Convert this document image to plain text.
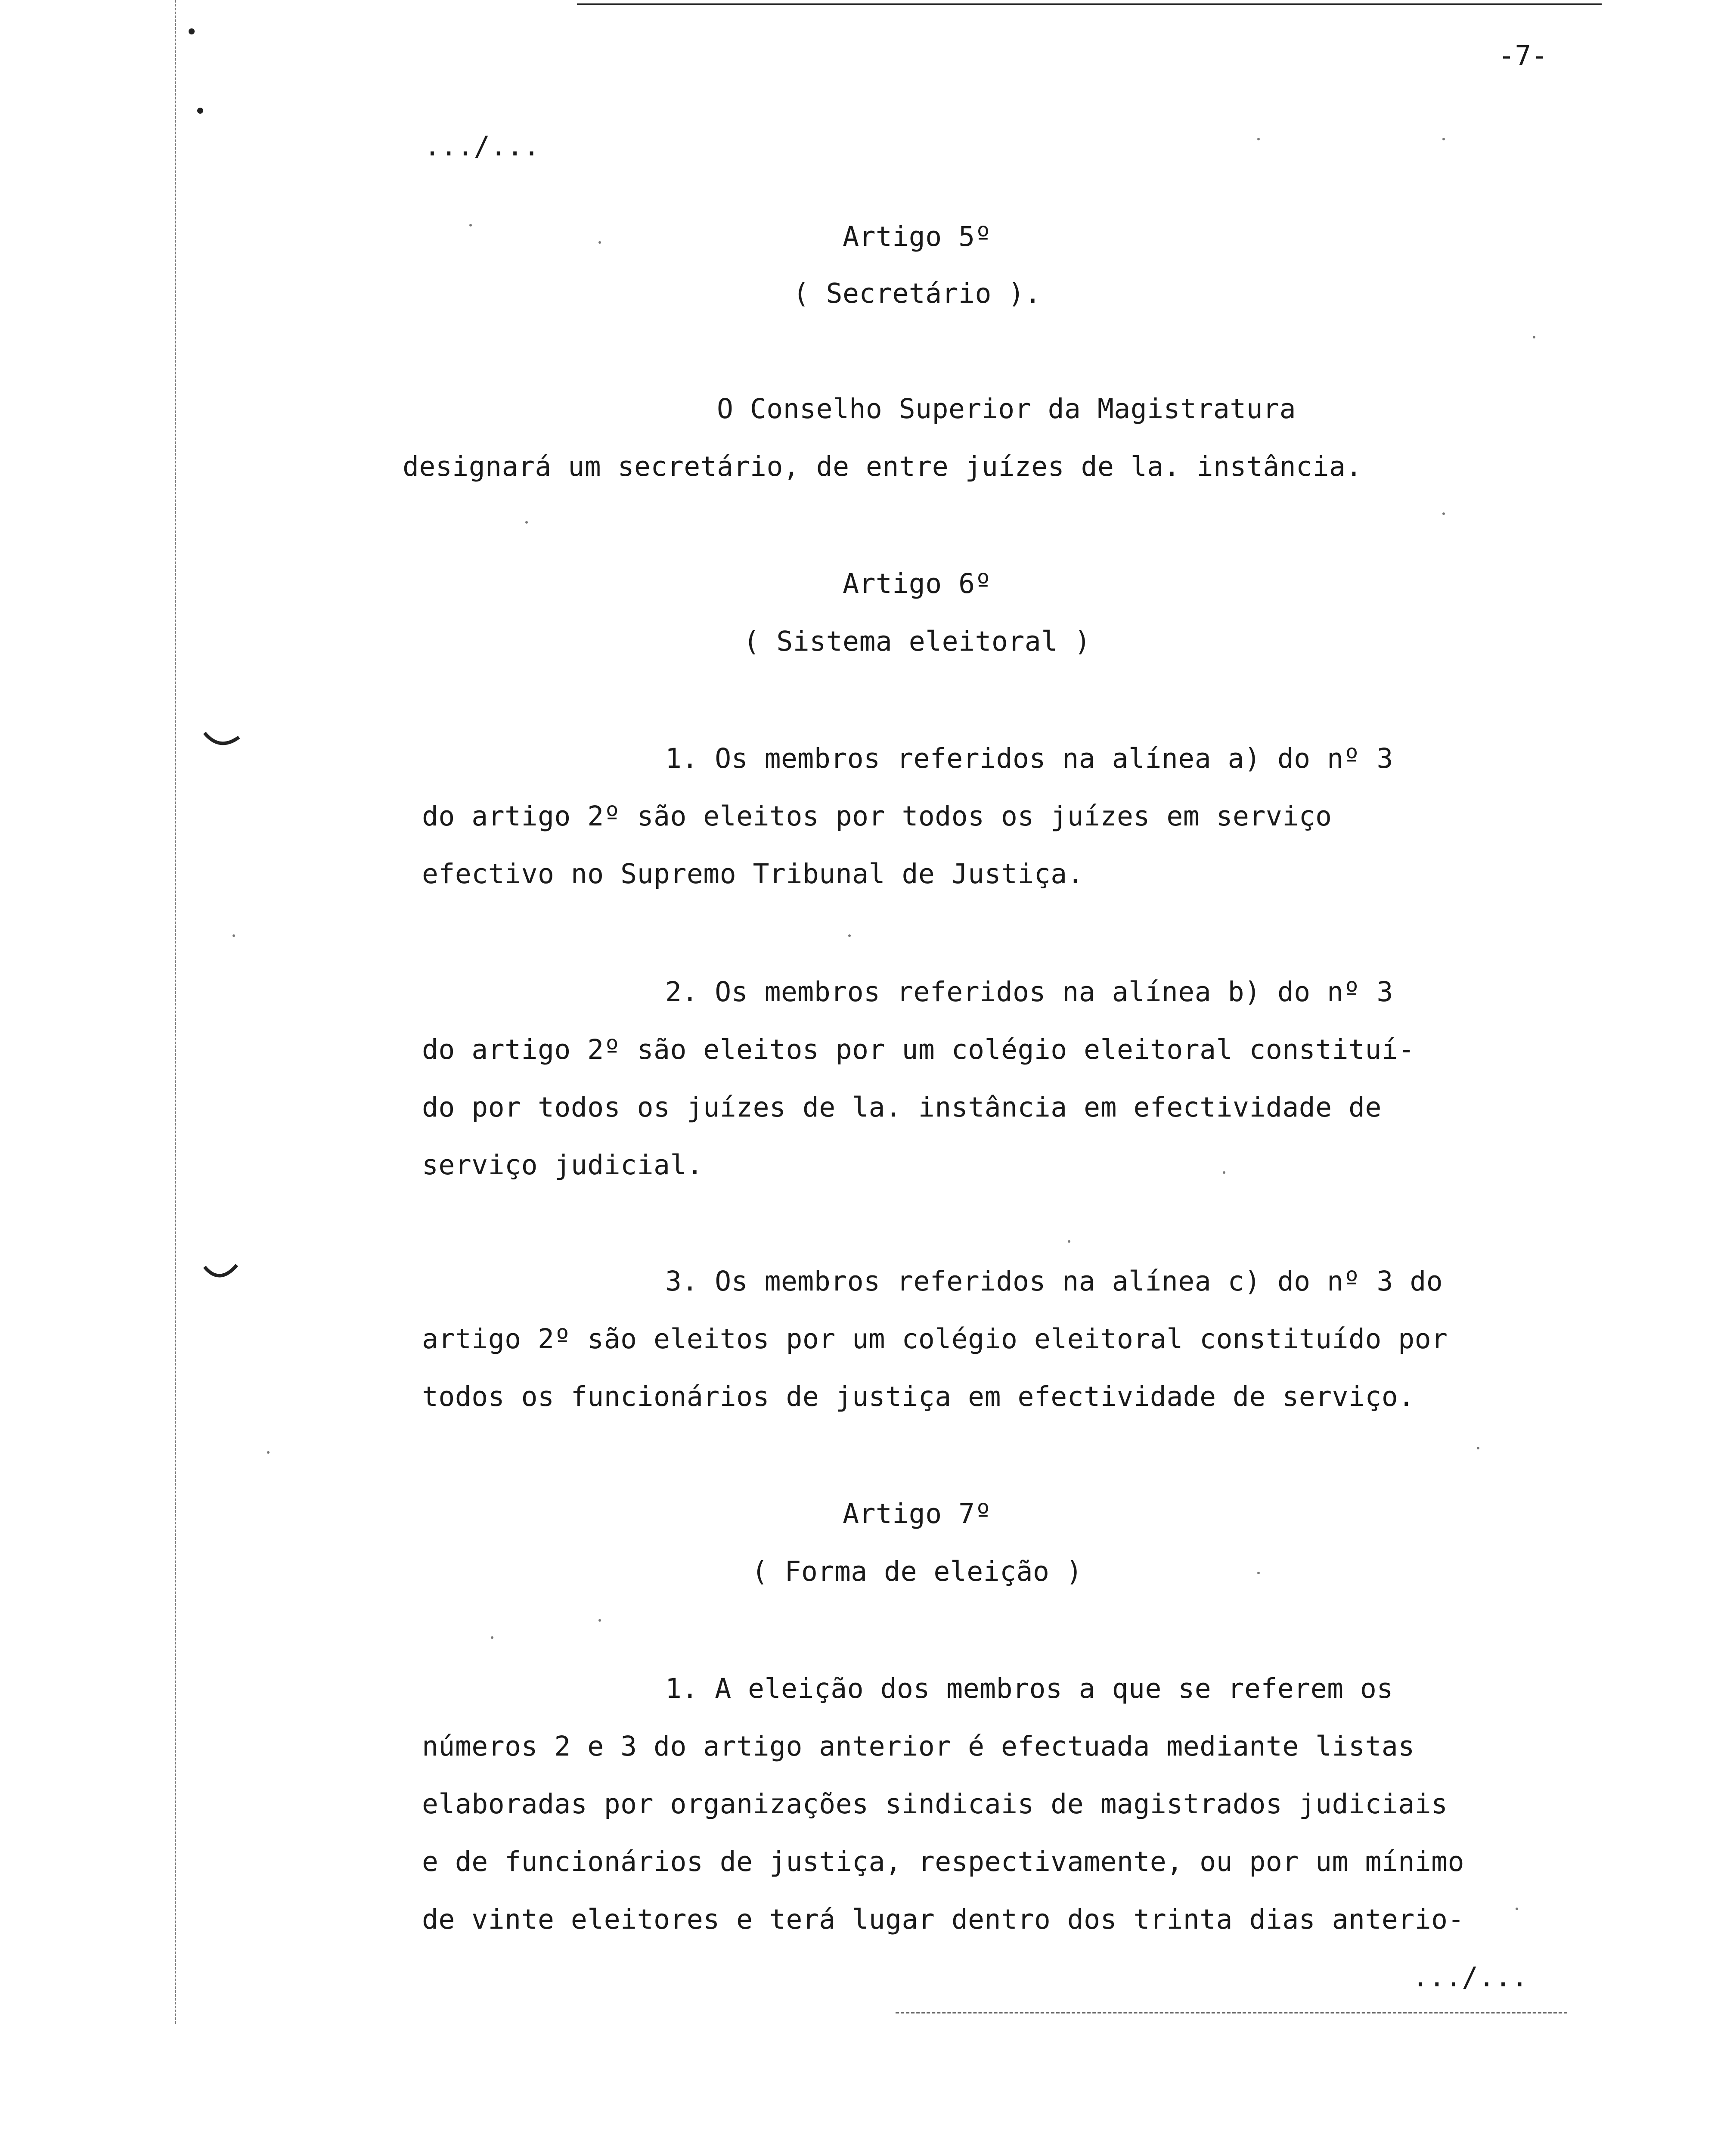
-7-
.../...
Artigo 5º
( Secretário ).
O Conselho Superior da Magistratura
designará um secretário, de entre juízes de la. instância.
Artigo 6º
( Sistema eleitoral )
1. Os membros referidos na alínea a) do nº 3
do artigo 2º são eleitos por todos os juízes em serviço
efectivo no Supremo Tribunal de Justiça.
2. Os membros referidos na alínea b) do nº 3
do artigo 2º são eleitos por um colégio eleitoral constituí-
do por todos os juízes de la. instância em efectividade de
serviço judicial.
3. Os membros referidos na alínea c) do nº 3 do
artigo 2º são eleitos por um colégio eleitoral constituído por
todos os funcionários de justiça em efectividade de serviço.
Artigo 7º
( Forma de eleição )
1. A eleição dos membros a que se referem os
números 2 e 3 do artigo anterior é efectuada mediante listas
elaboradas por organizações sindicais de magistrados judiciais
e de funcionários de justiça, respectivamente, ou por um mínimo
de vinte eleitores e terá lugar dentro dos trinta dias anterio-
.../...
